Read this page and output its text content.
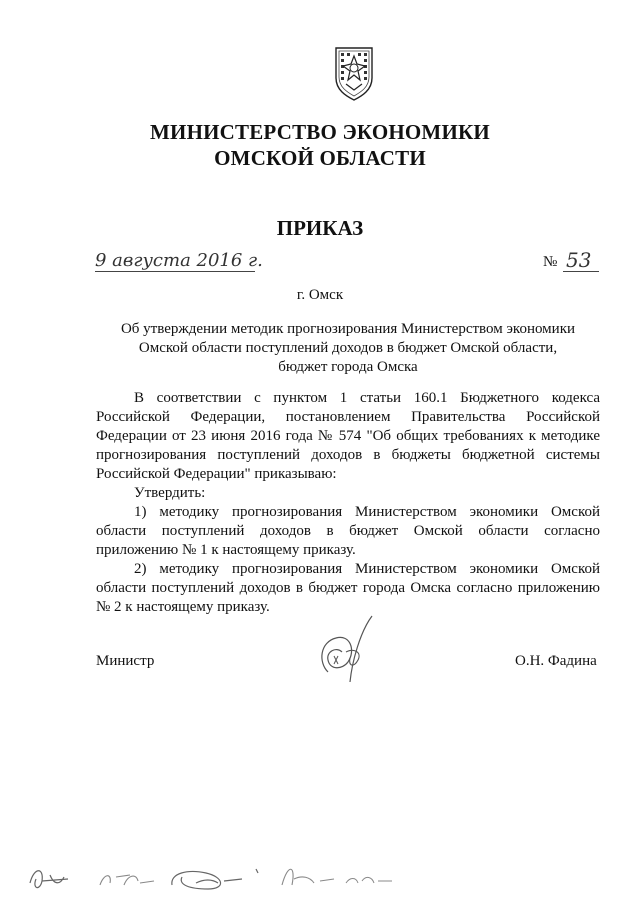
МИНИСТЕРСТВО ЭКОНОМИКИ
ОМСКОЙ ОБЛАСТИ
ПРИКАЗ
9 августа 2016 г.	№ 53
г. Омск
Об утверждении методик прогнозирования Министерством экономики
Омской области поступлений доходов в бюджет Омской области,
бюджет города Омска

В соответствии с пунктом 1 статьи 160.1 Бюджетного кодекса Российской Федерации, постановлением Правительства Российской Федерации от 23 июня 2016 года № 574 "Об общих требованиях к методике прогнозирования поступлений доходов в бюджеты бюджетной системы Российской Федерации" приказываю:

Утвердить:

1) методику прогнозирования Министерством экономики Омской области поступлений доходов в бюджет Омской области согласно приложению № 1 к настоящему приказу.

2) методику прогнозирования Министерством экономики Омской области поступлений доходов в бюджет города Омска согласно приложению № 2 к настоящему приказу.

Министр	О.Н. Фадина
